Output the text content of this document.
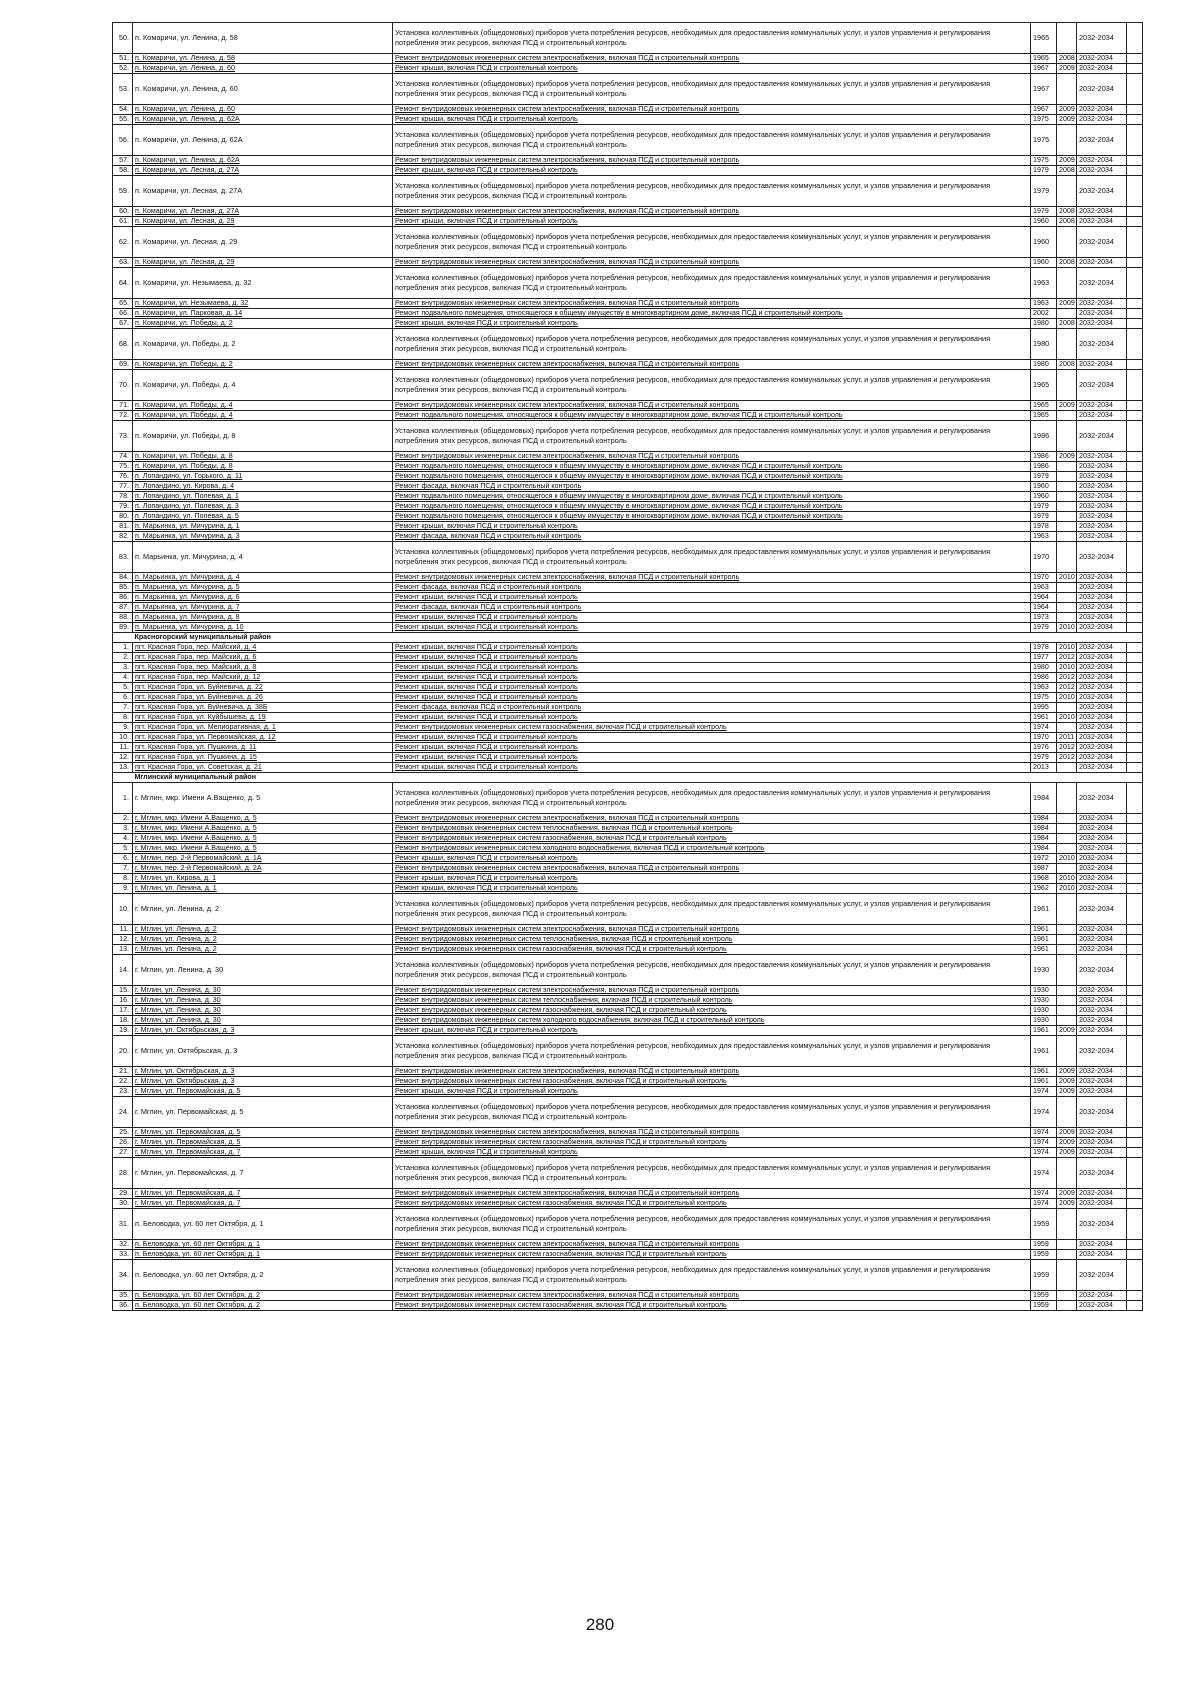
50.	п. Комаричи, ул. Ленина, д. 58	Установка коллективных (общедомовых) приборов учета потребления ресурсов, необходимых для предоставления коммунальных услуг, и узлов управления и регулирования потребления этих ресурсов, включая ПСД и строительный контроль	1965		2032-2034	
51.	п. Комаричи, ул. Ленина, д. 58	Ремонт внутридомовых инженерных систем электроснабжения, включая ПСД и строительный контроль	1965	2008	2032-2034	
52.	п. Комаричи, ул. Ленина, д. 60	Ремонт крыши, включая ПСД и строительный контроль	1967	2009	2032-2034	
53.	п. Комаричи, ул. Ленина, д. 60	Установка коллективных (общедомовых) приборов учета потребления ресурсов, необходимых для предоставления коммунальных услуг, и узлов управления и регулирования потребления этих ресурсов, включая ПСД и строительный контроль	1967		2032-2034	
54.	п. Комаричи, ул. Ленина, д. 60	Ремонт внутридомовых инженерных систем электроснабжения, включая ПСД и строительный контроль	1967	2009	2032-2034	
55.	п. Комаричи, ул. Ленина, д. 62А	Ремонт крыши, включая ПСД и строительный контроль	1975	2009	2032-2034	
56.	п. Комаричи, ул. Ленина, д. 62А	Установка коллективных (общедомовых) приборов учета потребления ресурсов, необходимых для предоставления коммунальных услуг, и узлов управления и регулирования потребления этих ресурсов, включая ПСД и строительный контроль	1975		2032-2034	
57.	п. Комаричи, ул. Ленина, д. 62А	Ремонт внутридомовых инженерных систем электроснабжения, включая ПСД и строительный контроль	1975	2009	2032-2034	
58.	п. Комаричи, ул. Лесная, д. 27А	Ремонт крыши, включая ПСД и строительный контроль	1979	2008	2032-2034	
59.	п. Комаричи, ул. Лесная, д. 27А	Установка коллективных (общедомовых) приборов учета потребления ресурсов, необходимых для предоставления коммунальных услуг, и узлов управления и регулирования потребления этих ресурсов, включая ПСД и строительный контроль	1979		2032-2034	
60.	п. Комаричи, ул. Лесная, д. 27А	Ремонт внутридомовых инженерных систем электроснабжения, включая ПСД и строительный контроль	1979	2008	2032-2034	
61.	п. Комаричи, ул. Лесная, д. 29	Ремонт крыши, включая ПСД и строительный контроль	1960	2008	2032-2034	
62.	п. Комаричи, ул. Лесная, д. 29	Установка коллективных (общедомовых) приборов учета потребления ресурсов, необходимых для предоставления коммунальных услуг, и узлов управления и регулирования потребления этих ресурсов, включая ПСД и строительный контроль	1960		2032-2034	
63.	п. Комаричи, ул. Лесная, д. 29	Ремонт внутридомовых инженерных систем электроснабжения, включая ПСД и строительный контроль	1960	2008	2032-2034	
64.	п. Комаричи, ул. Незымаева, д. 32	Установка коллективных (общедомовых) приборов учета потребления ресурсов, необходимых для предоставления коммунальных услуг, и узлов управления и регулирования потребления этих ресурсов, включая ПСД и строительный контроль	1963		2032-2034	
65.	п. Комаричи, ул. Незымаева, д. 32	Ремонт внутридомовых инженерных систем электроснабжения, включая ПСД и строительный контроль	1963	2009	2032-2034	
66.	п. Комаричи, ул. Парковая, д. 14	Ремонт подвального помещения, относящегося к общему имуществу в многоквартирном доме, включая ПСД и строительный контроль	2002		2032-2034	
67.	п. Комаричи, ул. Победы, д. 2	Ремонт крыши, включая ПСД и строительный контроль	1980	2008	2032-2034	
68.	п. Комаричи, ул. Победы, д. 2	Установка коллективных (общедомовых) приборов учета потребления ресурсов, необходимых для предоставления коммунальных услуг, и узлов управления и регулирования потребления этих ресурсов, включая ПСД и строительный контроль	1980		2032-2034	
69.	п. Комаричи, ул. Победы, д. 2	Ремонт внутридомовых инженерных систем электроснабжения, включая ПСД и строительный контроль	1980	2008	2032-2034	
70.	п. Комаричи, ул. Победы, д. 4	Установка коллективных (общедомовых) приборов учета потребления ресурсов, необходимых для предоставления коммунальных услуг, и узлов управления и регулирования потребления этих ресурсов, включая ПСД и строительный контроль	1965		2032-2034	
71.	п. Комаричи, ул. Победы, д. 4	Ремонт внутридомовых инженерных систем электроснабжения, включая ПСД и строительный контроль	1965	2009	2032-2034	
72.	п. Комаричи, ул. Победы, д. 4	Ремонт подвального помещения, относящегося к общему имуществу в многоквартирном доме, включая ПСД и строительный контроль	1965		2032-2034	
73.	п. Комаричи, ул. Победы, д. 8	Установка коллективных (общедомовых) приборов учета потребления ресурсов, необходимых для предоставления коммунальных услуг, и узлов управления и регулирования потребления этих ресурсов, включая ПСД и строительный контроль	1986		2032-2034	
74.	п. Комаричи, ул. Победы, д. 8	Ремонт внутридомовых инженерных систем электроснабжения, включая ПСД и строительный контроль	1986	2009	2032-2034	
75.	п. Комаричи, ул. Победы, д. 8	Ремонт подвального помещения, относящегося к общему имуществу в многоквартирном доме, включая ПСД и строительный контроль	1986		2032-2034	
76.	п. Лопандино, ул. Горького, д. 11	Ремонт подвального помещения, относящегося к общему имуществу в многоквартирном доме, включая ПСД и строительный контроль	1979		2032-2034	
77.	п. Лопандино, ул. Кирова, д. 4	Ремонт фасада, включая ПСД и строительный контроль	1960		2032-2034	
78.	п. Лопандино, ул. Полевая, д. 1	Ремонт подвального помещения, относящегося к общему имуществу в многоквартирном доме, включая ПСД и строительный контроль	1960		2032-2034	
79.	п. Лопандино, ул. Полевая, д. 3	Ремонт подвального помещения, относящегося к общему имуществу в многоквартирном доме, включая ПСД и строительный контроль	1979		2032-2034	
80.	п. Лопандино, ул. Полевая, д. 5	Ремонт подвального помещения, относящегося к общему имуществу в многоквартирном доме, включая ПСД и строительный контроль	1979		2032-2034	
81.	п. Марьинка, ул. Мичурина, д. 1	Ремонт крыши, включая ПСД и строительный контроль	1978		2032-2034	
82.	п. Марьинка, ул. Мичурина, д. 3	Ремонт фасада, включая ПСД и строительный контроль	1963		2032-2034	
83.	п. Марьинка, ул. Мичурина, д. 4	Установка коллективных (общедомовых) приборов учета потребления ресурсов, необходимых для предоставления коммунальных услуг, и узлов управления и регулирования потребления этих ресурсов, включая ПСД и строительный контроль	1970		2032-2034	
84.	п. Марьинка, ул. Мичурина, д. 4	Ремонт внутридомовых инженерных систем электроснабжения, включая ПСД и строительный контроль	1970	2010	2032-2034	
85.	п. Марьинка, ул. Мичурина, д. 5	Ремонт фасада, включая ПСД и строительный контроль	1963		2032-2034	
86.	п. Марьинка, ул. Мичурина, д. 6	Ремонт крыши, включая ПСД и строительный контроль	1964		2032-2034	
87.	п. Марьинка, ул. Мичурина, д. 7	Ремонт фасада, включая ПСД и строительный контроль	1964		2032-2034	
88.	п. Марьинка, ул. Мичурина, д. 8	Ремонт крыши, включая ПСД и строительный контроль	1973		2032-2034	
89.	п. Марьинка, ул. Мичурина, д. 10	Ремонт крыши, включая ПСД и строительный контроль	1979	2010	2032-2034	
	Красногорский муниципальный район					
1.	пгт. Красная Гора, пер. Майский, д. 4	Ремонт крыши, включая ПСД и строительный контроль	1978	2010	2032-2034	
2.	пгт. Красная Гора, пер. Майский, д. 6	Ремонт крыши, включая ПСД и строительный контроль	1977	2012	2032-2034	
3.	пгт. Красная Гора, пер. Майский, д. 8	Ремонт крыши, включая ПСД и строительный контроль	1980	2010	2032-2034	
4.	пгт. Красная Гора, пер. Майский, д. 12	Ремонт крыши, включая ПСД и строительный контроль	1986	2012	2032-2034	
5.	пгт. Красная Гора, ул. Буйневича, д. 22	Ремонт крыши, включая ПСД и строительный контроль	1963	2012	2032-2034	
6.	пгт. Красная Гора, ул. Буйневича, д. 26	Ремонт крыши, включая ПСД и строительный контроль	1975	2010	2032-2034	
7.	пгт. Красная Гора, ул. Буйневича, д. 38Б	Ремонт фасада, включая ПСД и строительный контроль	1995		2032-2034	
8.	пгт. Красная Гора, ул. Куйбышева, д. 19	Ремонт крыши, включая ПСД и строительный контроль	1961	2010	2032-2034	
9.	пгт. Красная Гора, ул. Мелиоративная, д. 1	Ремонт внутридомовых инженерных систем газоснабжения, включая ПСД и строительный контроль	1974		2032-2034	
10.	пгт. Красная Гора, ул. Первомайская, д. 12	Ремонт крыши, включая ПСД и строительный контроль	1970	2011	2032-2034	
11.	пгт. Красная Гора, ул. Пушкина, д. 11	Ремонт крыши, включая ПСД и строительный контроль	1976	2012	2032-2034	
12.	пгт. Красная Гора, ул. Пушкина, д. 15	Ремонт крыши, включая ПСД и строительный контроль	1979	2012	2032-2034	
13.	пгт. Красная Гора, ул. Советская, д. 21	Ремонт крыши, включая ПСД и строительный контроль	2013		2032-2034	
	Мглинский муниципальный район					
1.	г. Мглин, мкр. Имени А.Ващенко, д. 5	Установка коллективных (общедомовых) приборов учета потребления ресурсов, необходимых для предоставления коммунальных услуг, и узлов управления и регулирования потребления этих ресурсов, включая ПСД и строительный контроль	1984		2032-2034	
2.	г. Мглин, мкр. Имени А.Ващенко, д. 5	Ремонт внутридомовых инженерных систем электроснабжения, включая ПСД и строительный контроль	1984		2032-2034	
3.	г. Мглин, мкр. Имени А.Ващенко, д. 5	Ремонт внутридомовых инженерных систем теплоснабжения, включая ПСД и строительный контроль	1984		2032-2034	
4.	г. Мглин, мкр. Имени А.Ващенко, д. 5	Ремонт внутридомовых инженерных систем газоснабжения, включая ПСД и строительный контроль	1984		2032-2034	
5.	г. Мглин, мкр. Имени А.Ващенко, д. 5	Ремонт внутридомовых инженерных систем холодного водоснабжения, включая ПСД и строительный контроль	1984		2032-2034	
6.	г. Мглин, пер. 2-й Первомайский, д. 1А	Ремонт крыши, включая ПСД и строительный контроль	1972	2010	2032-2034	
7.	г. Мглин, пер. 2-й Первомайский, д. 2А	Ремонт внутридомовых инженерных систем электроснабжения, включая ПСД и строительный контроль	1987		2032-2034	
8.	г. Мглин, ул. Кирова, д. 1	Ремонт крыши, включая ПСД и строительный контроль	1968	2010	2032-2034	
9.	г. Мглин, ул. Ленина, д. 1	Ремонт крыши, включая ПСД и строительный контроль	1962	2010	2032-2034	
10.	г. Мглин, ул. Ленина, д. 2	Установка коллективных (общедомовых) приборов учета потребления ресурсов, необходимых для предоставления коммунальных услуг, и узлов управления и регулирования потребления этих ресурсов, включая ПСД и строительный контроль	1961		2032-2034	
11.	г. Мглин, ул. Ленина, д. 2	Ремонт внутридомовых инженерных систем электроснабжения, включая ПСД и строительный контроль	1961		2032-2034	
12.	г. Мглин, ул. Ленина, д. 2	Ремонт внутридомовых инженерных систем теплоснабжения, включая ПСД и строительный контроль	1961		2032-2034	
13.	г. Мглин, ул. Ленина, д. 2	Ремонт внутридомовых инженерных систем газоснабжения, включая ПСД и строительный контроль	1961		2032-2034	
14.	г. Мглин, ул. Ленина, д. 30	Установка коллективных (общедомовых) приборов учета потребления ресурсов, необходимых для предоставления коммунальных услуг, и узлов управления и регулирования потребления этих ресурсов, включая ПСД и строительный контроль	1930		2032-2034	
15.	г. Мглин, ул. Ленина, д. 30	Ремонт внутридомовых инженерных систем электроснабжения, включая ПСД и строительный контроль	1930		2032-2034	
16.	г. Мглин, ул. Ленина, д. 30	Ремонт внутридомовых инженерных систем теплоснабжения, включая ПСД и строительный контроль	1930		2032-2034	
17.	г. Мглин, ул. Ленина, д. 30	Ремонт внутридомовых инженерных систем газоснабжения, включая ПСД и строительный контроль	1930		2032-2034	
18.	г. Мглин, ул. Ленина, д. 30	Ремонт внутридомовых инженерных систем холодного водоснабжения, включая ПСД и строительный контроль	1930		2032-2034	
19.	г. Мглин, ул. Октябрьская, д. 3	Ремонт крыши, включая ПСД и строительный контроль	1961	2009	2032-2034	
20.	г. Мглин, ул. Октябрьская, д. 3	Установка коллективных (общедомовых) приборов учета потребления ресурсов, необходимых для предоставления коммунальных услуг, и узлов управления и регулирования потребления этих ресурсов, включая ПСД и строительный контроль	1961		2032-2034	
21.	г. Мглин, ул. Октябрьская, д. 3	Ремонт внутридомовых инженерных систем электроснабжения, включая ПСД и строительный контроль	1961	2009	2032-2034	
22.	г. Мглин, ул. Октябрьская, д. 3	Ремонт внутридомовых инженерных систем газоснабжения, включая ПСД и строительный контроль	1961	2009	2032-2034	
23.	г. Мглин, ул. Первомайская, д. 5	Ремонт крыши, включая ПСД и строительный контроль	1974	2009	2032-2034	
24.	г. Мглин, ул. Первомайская, д. 5	Установка коллективных (общедомовых) приборов учета потребления ресурсов, необходимых для предоставления коммунальных услуг, и узлов управления и регулирования потребления этих ресурсов, включая ПСД и строительный контроль	1974		2032-2034	
25.	г. Мглин, ул. Первомайская, д. 5	Ремонт внутридомовых инженерных систем электроснабжения, включая ПСД и строительный контроль	1974	2009	2032-2034	
26.	г. Мглин, ул. Первомайская, д. 5	Ремонт внутридомовых инженерных систем газоснабжения, включая ПСД и строительный контроль	1974	2009	2032-2034	
27.	г. Мглин, ул. Первомайская, д. 7	Ремонт крыши, включая ПСД и строительный контроль	1974	2009	2032-2034	
28.	г. Мглин, ул. Первомайская, д. 7	Установка коллективных (общедомовых) приборов учета потребления ресурсов, необходимых для предоставления коммунальных услуг, и узлов управления и регулирования потребления этих ресурсов, включая ПСД и строительный контроль	1974		2032-2034	
29.	г. Мглин, ул. Первомайская, д. 7	Ремонт внутридомовых инженерных систем электроснабжения, включая ПСД и строительный контроль	1974	2009	2032-2034	
30.	г. Мглин, ул. Первомайская, д. 7	Ремонт внутридомовых инженерных систем газоснабжения, включая ПСД и строительный контроль	1974	2009	2032-2034	
31.	п. Беловодка, ул. 60 лет Октября, д. 1	Установка коллективных (общедомовых) приборов учета потребления ресурсов, необходимых для предоставления коммунальных услуг, и узлов управления и регулирования потребления этих ресурсов, включая ПСД и строительный контроль	1959		2032-2034	
32.	п. Беловодка, ул. 60 лет Октября, д. 1	Ремонт внутридомовых инженерных систем электроснабжения, включая ПСД и строительный контроль	1959		2032-2034	
33.	п. Беловодка, ул. 60 лет Октября, д. 1	Ремонт внутридомовых инженерных систем газоснабжения, включая ПСД и строительный контроль	1959		2032-2034	
34.	п. Беловодка, ул. 60 лет Октября, д. 2	Установка коллективных (общедомовых) приборов учета потребления ресурсов, необходимых для предоставления коммунальных услуг, и узлов управления и регулирования потребления этих ресурсов, включая ПСД и строительный контроль	1959		2032-2034	
35.	п. Беловодка, ул. 60 лет Октября, д. 2	Ремонт внутридомовых инженерных систем электроснабжения, включая ПСД и строительный контроль	1959		2032-2034	
36.	п. Беловодка, ул. 60 лет Октября, д. 2	Ремонт внутридомовых инженерных систем газоснабжения, включая ПСД и строительный контроль	1959		2032-2034	
280
